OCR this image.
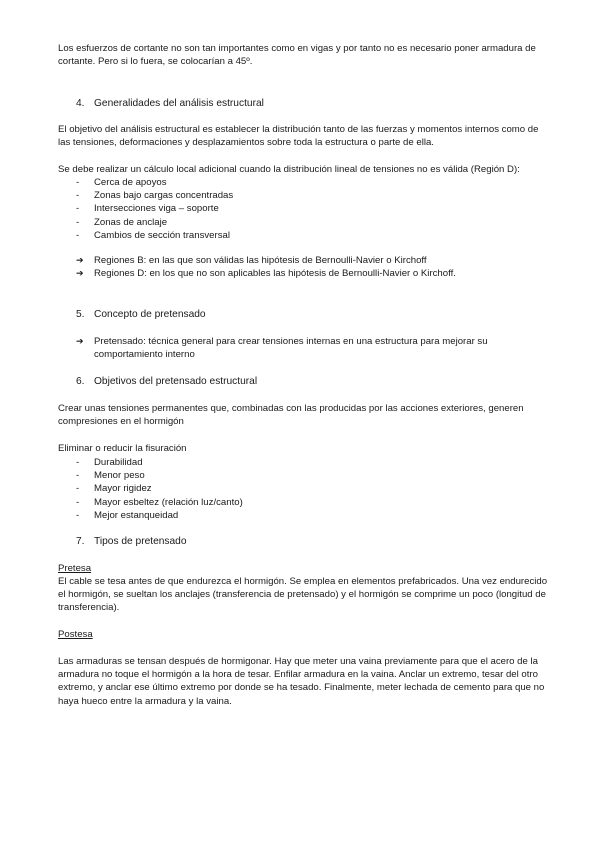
Los esfuerzos de cortante no son tan importantes como en vigas y por tanto no es necesario poner armadura de cortante. Pero si lo fuera, se colocarían a 45º.

4. Generalidades del análisis estructural

El objetivo del análisis estructural es establecer la distribución tanto de las fuerzas y momentos internos como de las tensiones, deformaciones y desplazamientos sobre toda la estructura o parte de ella.

Se debe realizar un cálculo local adicional cuando la distribución lineal de tensiones no es válida (Región D):

-	Cerca de apoyos
-	Zonas bajo cargas concentradas
-	Intersecciones viga – soporte
-	Zonas de anclaje
-	Cambios de sección transversal
➔	Regiones B: en las que son válidas las hipótesis de Bernoulli-Navier o Kirchoff
➔	Regiones D: en los que no son aplicables las hipótesis de Bernoulli-Navier o Kirchoff.
5. Concepto de pretensado
➔	Pretensado: técnica general para crear tensiones internas en una estructura para mejorar su comportamiento interno
6. Objetivos del pretensado estructural

Crear unas tensiones permanentes que, combinadas con las producidas por las acciones exteriores, generen compresiones en el hormigón

Eliminar o reducir la fisuración

-	Durabilidad
-	Menor peso
-	Mayor rigidez
-	Mayor esbeltez (relación luz/canto)
-	Mejor estanqueidad
7. Tipos de pretensado
Pretesa

El cable se tesa antes de que endurezca el hormigón. Se emplea en elementos prefabricados. Una vez endurecido el hormigón, se sueltan los anclajes (transferencia de pretensado) y el hormigón se comprime un poco (longitud de transferencia).

Postesa

Las armaduras se tensan después de hormigonar. Hay que meter una vaina previamente para que el acero de la armadura no toque el hormigón a la hora de tesar. Enfilar armadura en la vaina. Anclar un extremo, tesar del otro extremo, y anclar ese último extremo por donde se ha tesado. Finalmente, meter lechada de cemento para que no haya hueco entre la armadura y la vaina.
